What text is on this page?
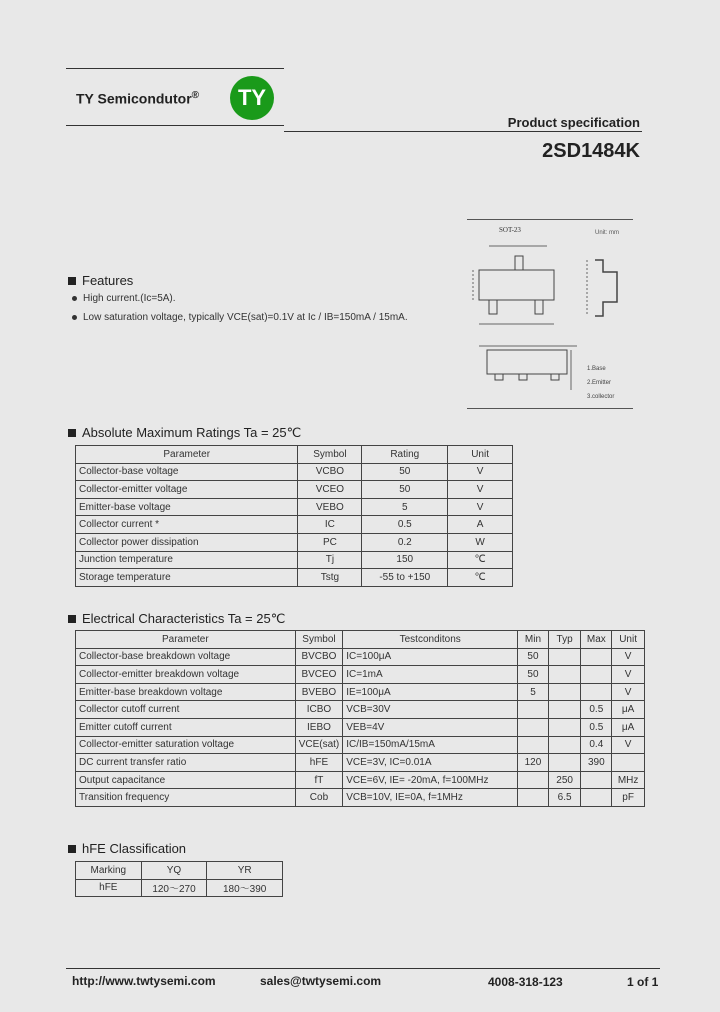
TY Semicondutor®	TY
Product specification
2SD1484K
SOT-23	Unit: mm
1.Base
2.Emitter
3.collector
Features
High current.(Ic=5A).
Low saturation voltage, typically VCE(sat)=0.1V at Ic / IB=150mA / 15mA.
Absolute Maximum Ratings Ta = 25℃
Parameter	Symbol	Rating	Unit
Collector-base voltage	VCBO	50	V
Collector-emitter voltage	VCEO	50	V
Emitter-base voltage	VEBO	5	V
Collector current *	IC	0.5	A
Collector power dissipation	PC	0.2	W
Junction temperature	Tj	150	℃
Storage temperature	Tstg	-55 to +150	℃
Electrical Characteristics Ta = 25℃
Parameter	Symbol	Testconditons	Min	Typ	Max	Unit
Collector-base breakdown voltage	BVCBO	IC=100μA	50			V
Collector-emitter breakdown voltage	BVCEO	IC=1mA	50			V
Emitter-base breakdown voltage	BVEBO	IE=100μA	5			V
Collector cutoff current	ICBO	VCB=30V			0.5	μA
Emitter cutoff current	IEBO	VEB=4V			0.5	μA
Collector-emitter saturation voltage	VCE(sat)	IC/IB=150mA/15mA			0.4	V
DC current transfer ratio	hFE	VCE=3V, IC=0.01A	120		390	
Output capacitance	fT	VCE=6V, IE= -20mA, f=100MHz		250		MHz
Transition frequency	Cob	VCB=10V, IE=0A, f=1MHz		6.5		pF
hFE Classification
Marking	YQ	YR
hFE	120～270	180～390
http://www.twtysemi.com	sales@twtysemi.com	4008-318-123	1 of 1
